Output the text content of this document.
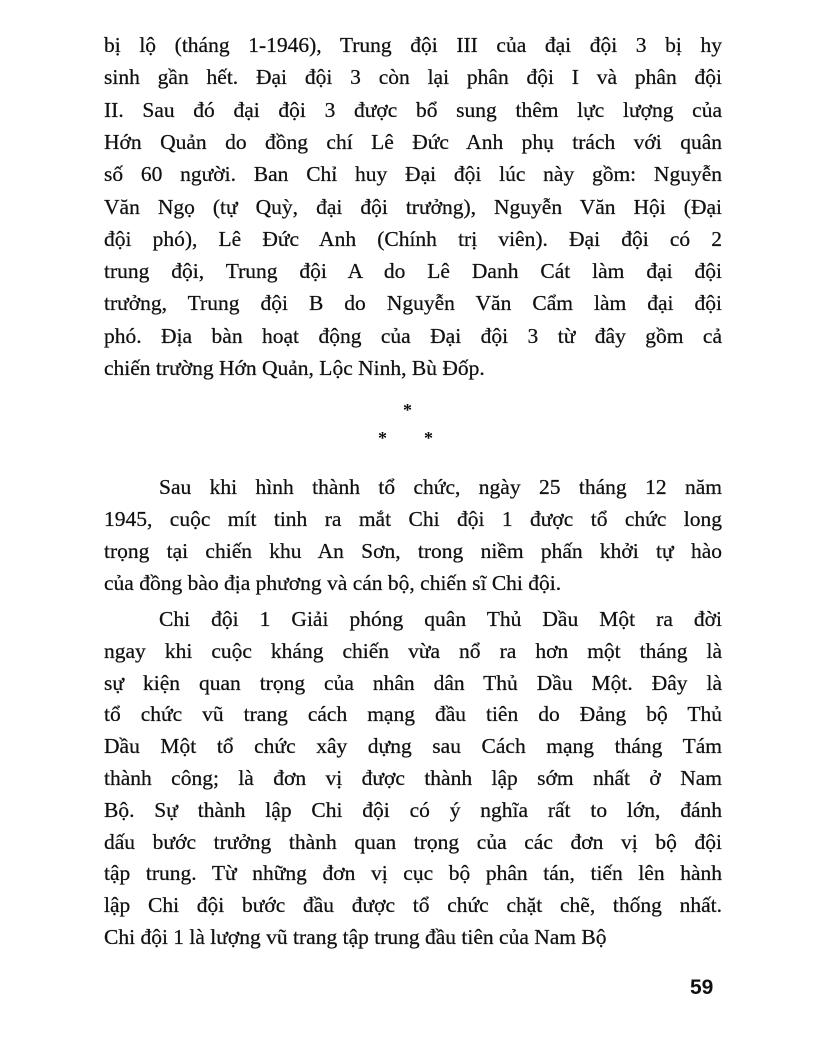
bị lộ (tháng 1-1946), Trung đội III của đại đội 3 bị hy
sinh gần hết. Đại đội 3 còn lại phân đội I và phân đội
II. Sau đó đại đội 3 được bổ sung thêm lực lượng của
Hớn Quản do đồng chí Lê Đức Anh phụ trách với quân
số 60 người. Ban Chỉ huy Đại đội lúc này gồm: Nguyễn
Văn Ngọ (tự Quỳ, đại đội trưởng), Nguyễn Văn Hội (Đại
đội phó), Lê Đức Anh (Chính trị viên). Đại đội có 2
trung đội, Trung đội A do Lê Danh Cát làm đại đội
trưởng, Trung đội B do Nguyễn Văn Cẩm làm đại đội
phó. Địa bàn hoạt động của Đại đội 3 từ đây gồm cả
chiến trường Hớn Quản, Lộc Ninh, Bù Đốp.
Sau khi hình thành tổ chức, ngày 25 tháng 12 năm
1945, cuộc mít tinh ra mắt Chi đội 1 được tổ chức long
trọng tại chiến khu An Sơn, trong niềm phấn khởi tự hào
của đồng bào địa phương và cán bộ, chiến sĩ Chi đội.
Chi đội 1 Giải phóng quân Thủ Dầu Một ra đời
ngay khi cuộc kháng chiến vừa nổ ra hơn một tháng là
sự kiện quan trọng của nhân dân Thủ Dầu Một. Đây là
tổ chức vũ trang cách mạng đầu tiên do Đảng bộ Thủ
Dầu Một tổ chức xây dựng sau Cách mạng tháng Tám
thành công; là đơn vị được thành lập sớm nhất ở Nam
Bộ. Sự thành lập Chi đội có ý nghĩa rất to lớn, đánh
dấu bước trưởng thành quan trọng của các đơn vị bộ đội
tập trung. Từ những đơn vị cục bộ phân tán, tiến lên hành
lập Chi đội bước đầu được tổ chức chặt chẽ, thống nhất.
Chi đội 1 là lượng vũ trang tập trung đầu tiên của Nam Bộ
*
* *
59
